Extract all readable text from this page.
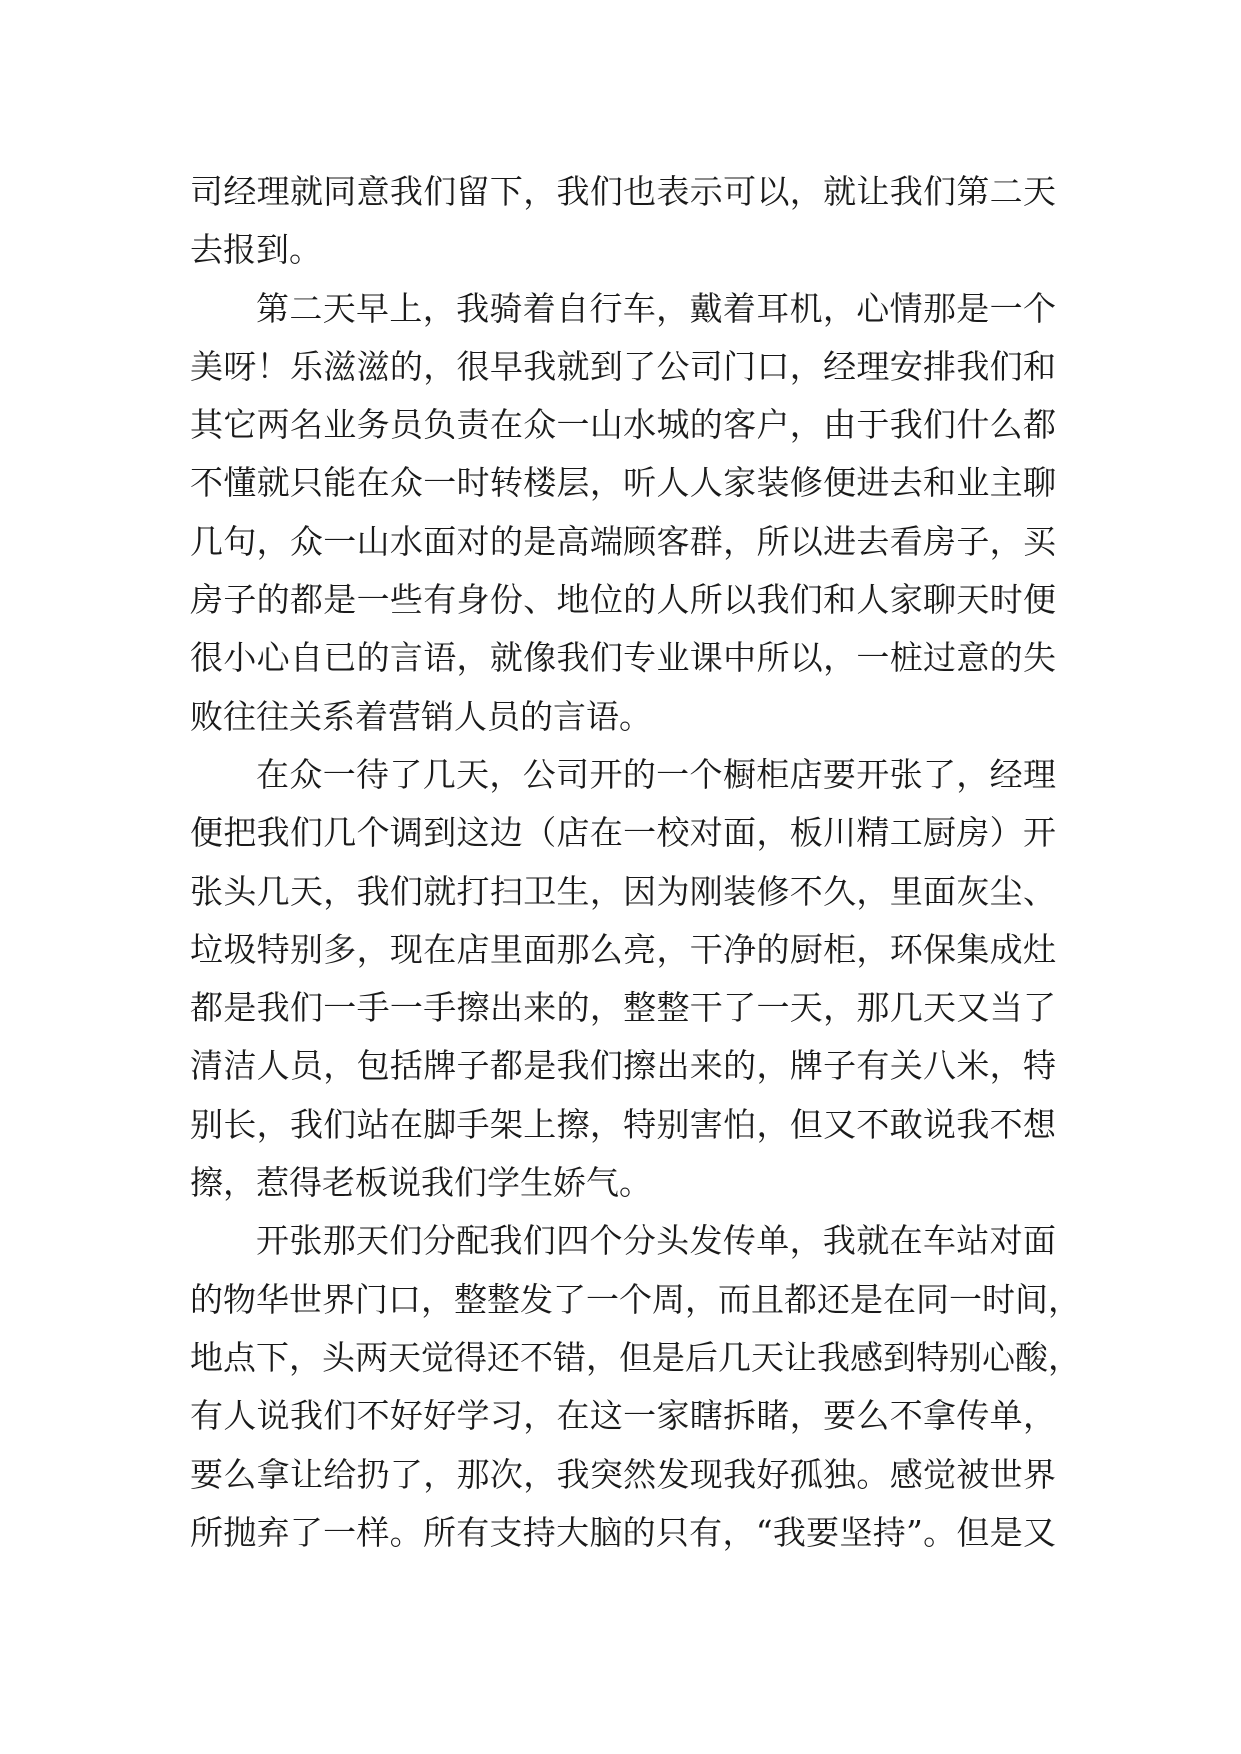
司经理就同意我们留下，我们也表示可以，就让我们第二天
去报到。
第二天早上，我骑着自行车，戴着耳机，心情那是一个
美呀！乐滋滋的，很早我就到了公司门口，经理安排我们和
其它两名业务员负责在众一山水城的客户，由于我们什么都
不懂就只能在众一时转楼层，听人人家装修便进去和业主聊
几句，众一山水面对的是高端顾客群，所以进去看房子，买
房子的都是一些有身份、地位的人所以我们和人家聊天时便
很小心自已的言语，就像我们专业课中所以，一桩过意的失
败往往关系着营销人员的言语。
在众一待了几天，公司开的一个橱柜店要开张了，经理
便把我们几个调到这边（店在一校对面，板川精工厨房）开
张头几天，我们就打扫卫生，因为刚装修不久，里面灰尘、
垃圾特别多，现在店里面那么亮，干净的厨柜，环保集成灶
都是我们一手一手擦出来的，整整干了一天，那几天又当了
清洁人员，包括牌子都是我们擦出来的，牌子有关八米，特
别长，我们站在脚手架上擦，特别害怕，但又不敢说我不想
擦，惹得老板说我们学生娇气。
开张那天们分配我们四个分头发传单，我就在车站对面
的物华世界门口，整整发了一个周，而且都还是在同一时间，
地点下，头两天觉得还不错，但是后几天让我感到特别心酸，
有人说我们不好好学习，在这一家瞎拆睹，要么不拿传单，
要么拿让给扔了，那次，我突然发现我好孤独。感觉被世界
所抛弃了一样。所有支持大脑的只有，“我要坚持”。但是又
